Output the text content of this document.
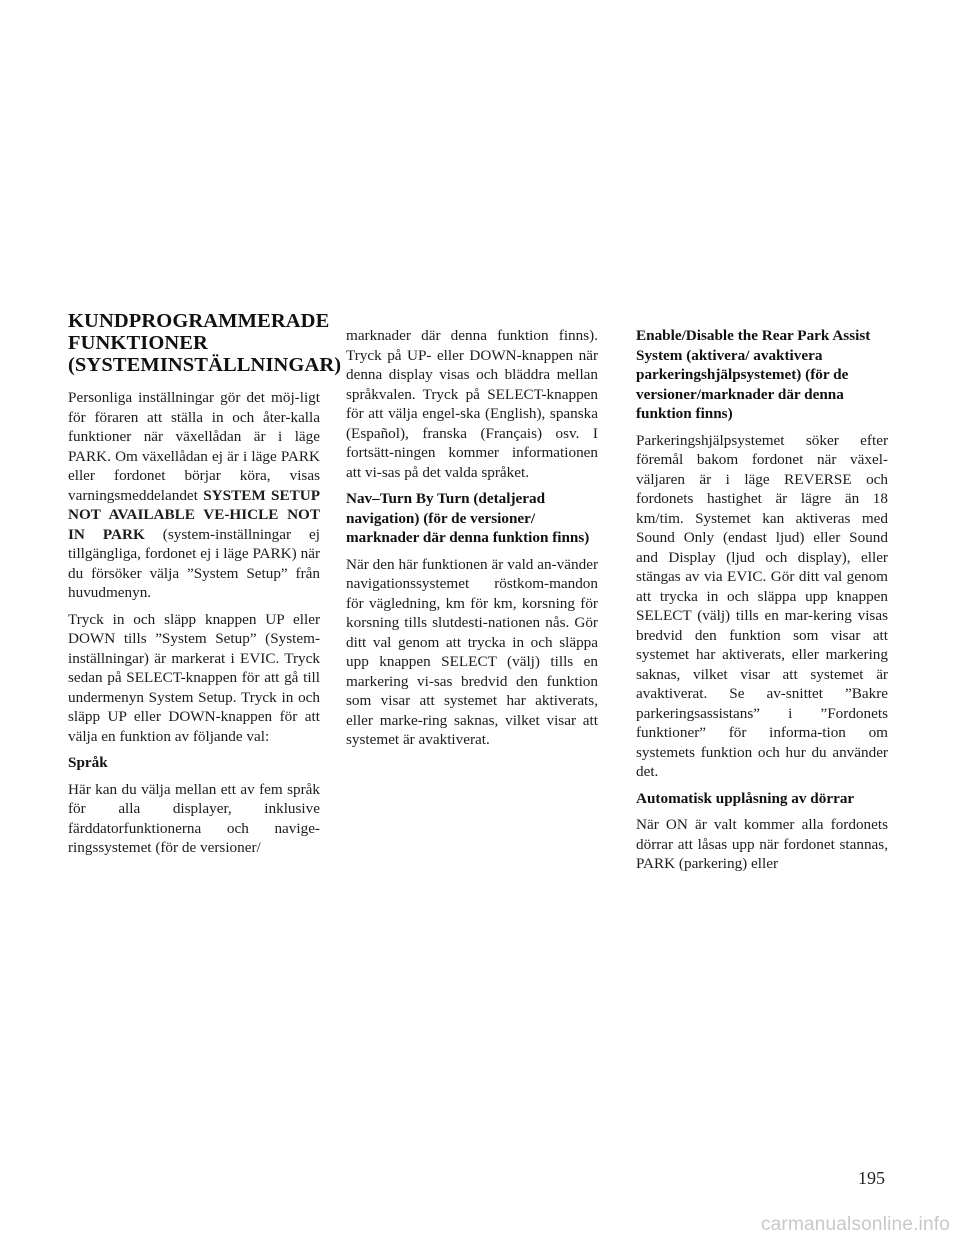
KUNDPROGRAMMERADE FUNKTIONER (SYSTEMINSTÄLLNINGAR)

Personliga inställningar gör det möj-ligt för föraren att ställa in och åter-kalla funktioner när växellådan är i läge PARK. Om växellådan ej är i läge PARK eller fordonet börjar köra, visas varningsmeddelandet SYSTEM SETUP NOT AVAILABLE VE-HICLE NOT IN PARK (system-inställningar ej tillgängliga, fordonet ej i läge PARK) när du försöker välja ”System Setup” från huvudmenyn.

Tryck in och släpp knappen UP eller DOWN tills ”System Setup” (System-inställningar) är markerat i EVIC. Tryck sedan på SELECT-knappen för att gå till undermenyn System Setup. Tryck in och släpp UP eller DOWN-knappen för att välja en funktion av följande val:

Språk

Här kan du välja mellan ett av fem språk för alla displayer, inklusive färddatorfunktionerna och navige-ringssystemet (för de versioner/

marknader där denna funktion finns). Tryck på UP- eller DOWN-knappen när denna display visas och bläddra mellan språkvalen. Tryck på SELECT-knappen för att välja engel-ska (English), spanska (Español), franska (Français) osv. I fortsätt-ningen kommer informationen att vi-sas på det valda språket.

Nav–Turn By Turn (detaljerad navigation) (för de versioner/ marknader där denna funktion finns)

När den här funktionen är vald an-vänder navigationssystemet röstkom-mandon för vägledning, km för km, korsning för korsning tills slutdesti-nationen nås. Gör ditt val genom att trycka in och släppa upp knappen SELECT (välj) tills en markering vi-sas bredvid den funktion som visar att systemet har aktiverats, eller marke-ring saknas, vilket visar att systemet är avaktiverat.

Enable/Disable the Rear Park Assist System (aktivera/ avaktivera parkeringshjälpsystemet) (för de versioner/marknader där denna funktion finns)

Parkeringshjälpsystemet söker efter föremål bakom fordonet när växel-väljaren är i läge REVERSE och fordonets hastighet är lägre än 18 km/tim. Systemet kan aktiveras med Sound Only (endast ljud) eller Sound and Display (ljud och display), eller stängas av via EVIC. Gör ditt val genom att trycka in och släppa upp knappen SELECT (välj) tills en mar-kering visas bredvid den funktion som visar att systemet har aktiverats, eller markering saknas, vilket visar att systemet är avaktiverat. Se av-snittet ”Bakre parkeringsassistans” i ”Fordonets funktioner” för informa-tion om systemets funktion och hur du använder det.

Automatisk upplåsning av dörrar

När ON är valt kommer alla fordonets dörrar att låsas upp när fordonet stannas, PARK (parkering) eller

195
carmanualsonline.info
